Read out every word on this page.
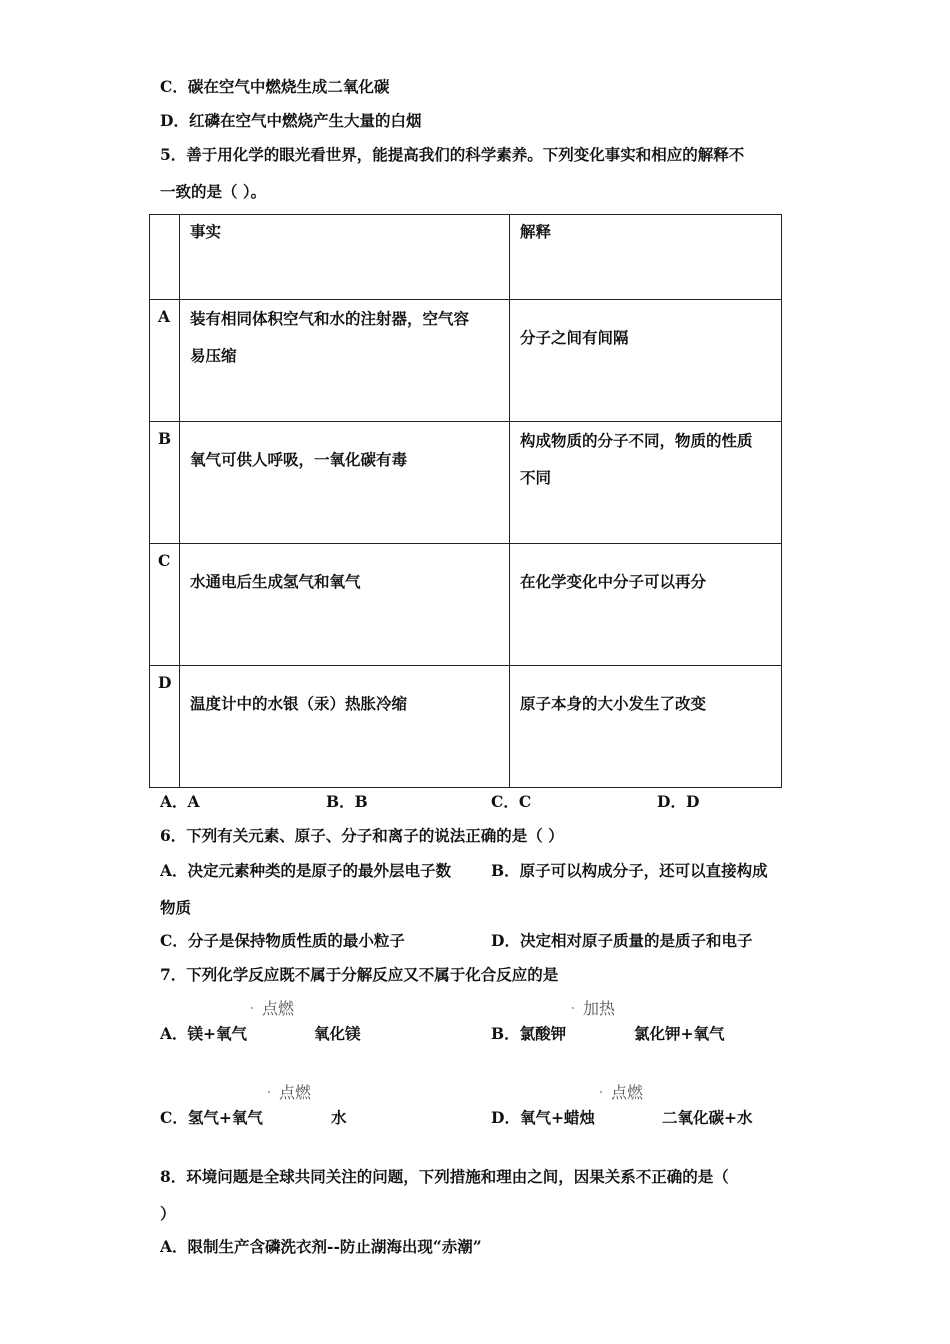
C．碳在空气中燃烧生成二氧化碳
D．红磷在空气中燃烧产生大量的白烟
5．善于用化学的眼光看世界，能提高我们的科学素养。下列变化事实和相应的解释不
一致的是（ ）。

	事实	解释

A	装有相同体积空气和水的注射器，空气容
易压缩	分子之间有间隔

B	氧气可供人呼吸，一氧化碳有毒	构成物质的分子不同，物质的性质
不同

C	水通电后生成氢气和氧气	在化学变化中分子可以再分

D	温度计中的水银（汞）热胀冷缩	原子本身的大小发生了改变
A．A	B．B	C．C	D．D
6．下列有关元素、原子、分子和离子的说法正确的是（ ）
A．决定元素种类的是原子的最外层电子数	B．原子可以构成分子，还可以直接构成
物质
C．分子是保持物质性质的最小粒子	D．决定相对原子质量的是质子和电子
7．下列化学反应既不属于分解反应又不属于化合反应的是
ㆍ 点燃
A．镁+氧气	氧化镁
ㆍ 加热
B．氯酸钾	氯化钾+氧气
ㆍ 点燃
C．氢气+氧气	水
ㆍ 点燃
D．氧气+蜡烛	二氧化碳+水
8．环境问题是全球共同关注的问题，下列措施和理由之间，因果关系不正确的是（
）
A．限制生产含磷洗衣剂--防止湖海出现“赤潮”
